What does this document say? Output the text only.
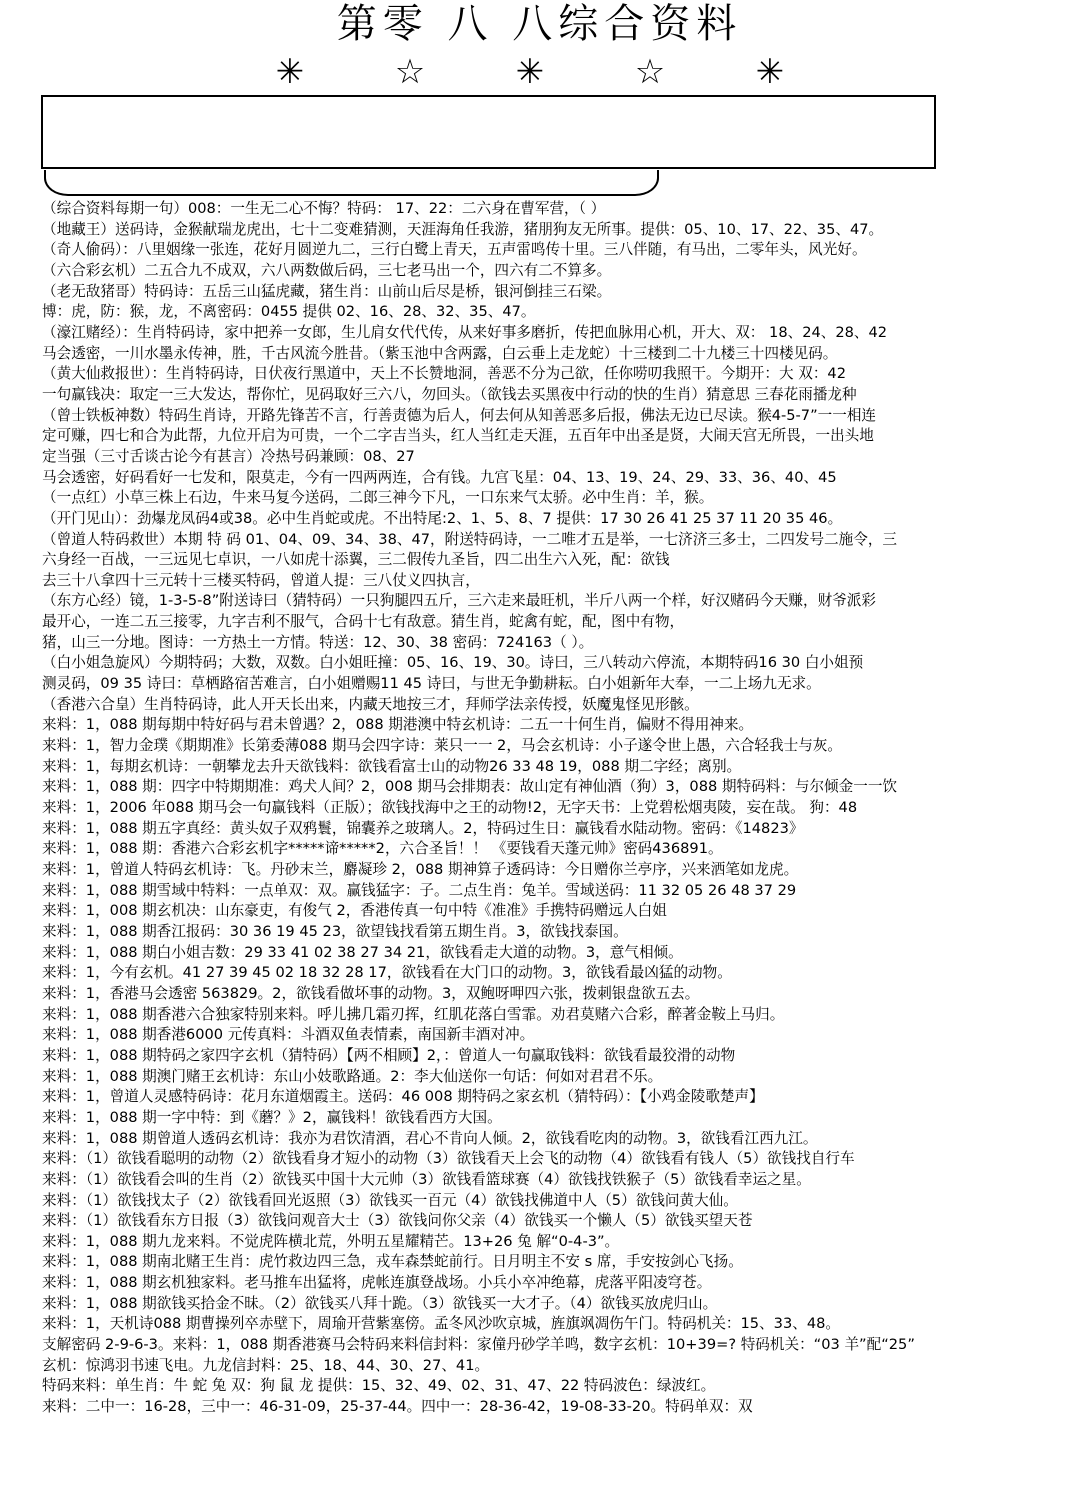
第零 八 八综合资料
✳	☆	✳	☆	✳
（综合资料每期一句）008：一生无二心不悔？特码： 17、22：二六身在曹军营，（ ）
（地藏王）送码诗，金猴献瑞龙虎出，七十二变难猜测，天涯海角任我游，猪朋狗友无所事。提供：05、10、17、22、35、47。
（奇人偷码）：八里姻缘一张连，花好月圆逆九二，三行白鹭上青天，五声雷鸣传十里。三八伴随，有马出，二零年头，风光好。
（六合彩玄机）二五合九不成双，六八两数做后码，三七老马出一个，四六有二不算多。
（老无敌猪哥）特码诗：五岳三山猛虎藏，猪生肖：山前山后尽是桥，银河倒挂三石梁。
博：虎，防：猴，龙，不离密码：0455 提供 02、16、28、32、35、47。
（濠江赌经）：生肖特码诗，家中把养一女郎，生儿肩女代代传，从来好事多磨折，传把血脉用心机，开大、双： 18、24、28、42
马会透密，一川水墨永传神，胜，千古风流今胜昔。（紫玉池中含两露，白云垂上走龙蛇）十三楼到二十九楼三十四楼见码。
（黄大仙救报世）：生肖特码诗，日伏夜行黑道中，天上不长赞地洞，善恶不分为己欲，任你唠叨我照干。今期开：大 双：42
一句赢钱决：取定一三大发达，帮你忙，见码取好三六八，勿回头。（欲钱去买黑夜中行动的快的生肖）猜意思 三春花雨播龙种
（曾士铁板神数）特码生肖诗，开路先锋苦不言，行善责德为后人，何去何从知善恶多后报，佛法无边已尽读。猴4-5-7”一一相连
定可赚，四七和合为此帮，九位开启为可贵，一个二字吉当头，红人当红走天涯，五百年中出圣是贤，大闹天宫无所畏，一出头地
定当强（三寸舌谈古论今有甚言）冷热号码兼顾：08、27
马会透密，好码看好一七发和，限莫走，今有一四两两连，合有钱。九宫飞星：04、13、19、24、29、33、36、40、45
（一点红）小草三株上石边，牛来马复今送码，二郎三神今下凡，一口东来气太骄。必中生肖：羊，猴。
（开门见山）：劲爆龙凤码4或38。必中生肖蛇或虎。不出特尾:2、1、5、8、7 提供：17 30 26 41 25 37 11 20 35 46。
（曾道人特码救世）本期 特 码 01、04、09、34、38、47，附送特码诗，一二唯才五是举，一七济济三多士，二四发号二施令，三
六身经一百战，一三远见七卓识，一八如虎十添翼，三二假传九圣旨，四二出生六入死，配：欲钱
去三十八拿四十三元转十三楼买特码，曾道人提：三八仗义四执言，
（东方心经）镜，1-3-5-8”附送诗曰（猜特码）一只狗腿四五斤，三六走来最旺机，半斤八两一个样，好汉赌码今天赚，财爷派彩
最开心，一连二五三接零，九字吉利不服气，合码十七有敌意。猜生肖，蛇禽有蛇，配，图中有物，
猪，山三一分地。图诗：一方热土一方情。特送：12、30、38 密码：724163（ ）。
（白小姐急旋风）今期特码；大数，双数。白小姐旺撞：05、16、19、30。诗曰，三八转动六停流，本期特码16 30 白小姐预
测灵码，09 35 诗曰：草栖路宿苦难言，白小姐赠赐11 45 诗曰，与世无争勤耕耘。白小姐新年大奉，一二上场九无求。
（香港六合皇）生肖特码诗，此人开天长出来，内藏天地按三才，拜师学法亲传授，妖魔鬼怪见形骸。
来料：1，088 期每期中特好码与君未曾遇？2，088 期港澳中特玄机诗：二五一十何生肖，偏财不得用神来。
来料：1，智力金璞《期期准》长第委薄088 期马会四字诗：莱只一一 2，马会玄机诗：小子遂令世上愚，六合轻我士与灰。
来料：1，每期玄机诗：一朝攀龙去升天欲钱料：欲钱看富士山的动物26 33 48 19，088 期二字经；离别。
来料：1，088 期：四字中特期期准：鸡犬人间？2，008 期马会排期表：故山定有神仙酒（狗）3，088 期特码料：与尔倾金一一饮
来料：1，2006 年088 期马会一句赢钱料（正版）；欲钱找海中之王的动物!2，无字天书：上党碧松烟夷陵，妄在哉。 狗：48
来料：1，088 期五字真经：黄头奴子双鸦鬟，锦囊养之玻璃人。2，特码过生日：赢钱看水陆动物。密码：《14823》
来料：1，088 期：香港六合彩玄机字*****谛*****2，六合圣旨！！ 《要钱看天蓬元帅》密码436891。
来料：1，曾道人特码玄机诗：飞。丹砂末兰，麝凝珍 2，088 期神算子透码诗：今日赠你兰亭序，兴来洒笔如龙虎。
来料：1，088 期雪域中特料：一点单双：双。赢钱猛字：子。二点生肖：兔羊。雪域送码：11 32 05 26 48 37 29
来料：1，008 期玄机决：山东豪吏，有俊气 2，香港传真一句中特《准准》手携特码赠远人白姐
来料：1，088 期香江报码：30 36 19 45 23，欲望钱找看第五期生肖。3，欲钱找泰国。
来料：1，088 期白小姐吉数：29 33 41 02 38 27 34 21，欲钱看走大道的动物。3，意气相倾。
来料：1，今有玄机。41 27 39 45 02 18 32 28 17，欲钱看在大门口的动物。3，欲钱看最凶猛的动物。
来料：1，香港马会透密 563829。2，欲钱看做坏事的动物。3，双鲍呀呷四六张，拨刺银盘欲五去。
来料：1，088 期香港六合独家特别来料。呼儿拂几霜刃挥，红肌花落白雪霏。劝君莫赌六合彩，醉著金鞍上马归。
来料：1，088 期香港6000 元传真料：斗酒双鱼表情素，南国新丰酒对冲。
来料：1，088 期特码之家四字玄机（猜特码）【两不相顾】2，：曾道人一句赢取钱料：欲钱看最狡滑的动物
来料：1，088 期澳门赌王玄机诗：东山小妓歌路通。2：李大仙送你一句话：何如对君君不乐。
来料：1，曾道人灵感特码诗：花月东道烟霞主。送码：46 008 期特码之家玄机（猜特码）：【小鸡金陵歌楚声】
来料：1，088 期一字中特：到《蘑？》2，赢钱料！欲钱看西方大国。
来料：1，088 期曾道人透码玄机诗：我亦为君饮清酒，君心不肯向人倾。2，欲钱看吃肉的动物。3，欲钱看江西九江。
来料：（1）欲钱看聪明的动物（2）欲钱看身才短小的动物（3）欲钱看天上会飞的动物（4）欲钱看有钱人（5）欲钱找自行车
来料：（1）欲钱看会叫的生肖（2）欲钱买中国十大元帅（3）欲钱看篮球赛（4）欲钱找铁猴子（5）欲钱看幸运之星。
来料：（1）欲钱找太子（2）欲钱看回光返照（3）欲钱买一百元（4）欲钱找佛道中人（5）欲钱问黄大仙。
来料：（1）欲钱看东方日报（3）欲钱问观音大士（3）欲钱问你父亲（4）欲钱买一个懒人（5）欲钱买望天苍
来料：1，088 期九龙来料。不觉虎阵横北荒，外明五星耀精芒。13+26 兔 解“0-4-3”。
来料：1，088 期南北赌王生肖：虎竹救边四三急，戎车森禁蛇前行。日月明主不安 s 席，手安按剑心飞扬。
来料：1，088 期玄机独家料。老马推车出猛将，虎帐连旗登战场。小兵小卒冲绝幕，虎落平阳凌穹苍。
来料：1，088 期欲钱买拾金不昧。（2）欲钱买八拜十跪。（3）欲钱买一大才子。（4）欲钱买放虎归山。
来料：1，天机诗088 期曹操列卒赤壁下，周瑜开营紫塞傍。孟冬风沙吹京城，旌旗飒凋伤午门。特码机关：15、33、48。
支解密码 2-9-6-3。来料：1，088 期香港赛马会特码来料信封料：家僮丹砂学羊鸣，数字玄机：10+39=? 特码机关：“03 羊”配“25”
玄机：惊鸿羽书速飞电。九龙信封料：25、18、44、30、27、41。
特码来料：单生肖：牛 蛇 兔 双：狗 鼠 龙 提供：15、32、49、02、31、47、22 特码波色：绿波红。
来料：二中一：16-28，三中一：46-31-09，25-37-44。四中一：28-36-42，19-08-33-20。特码单双：双
